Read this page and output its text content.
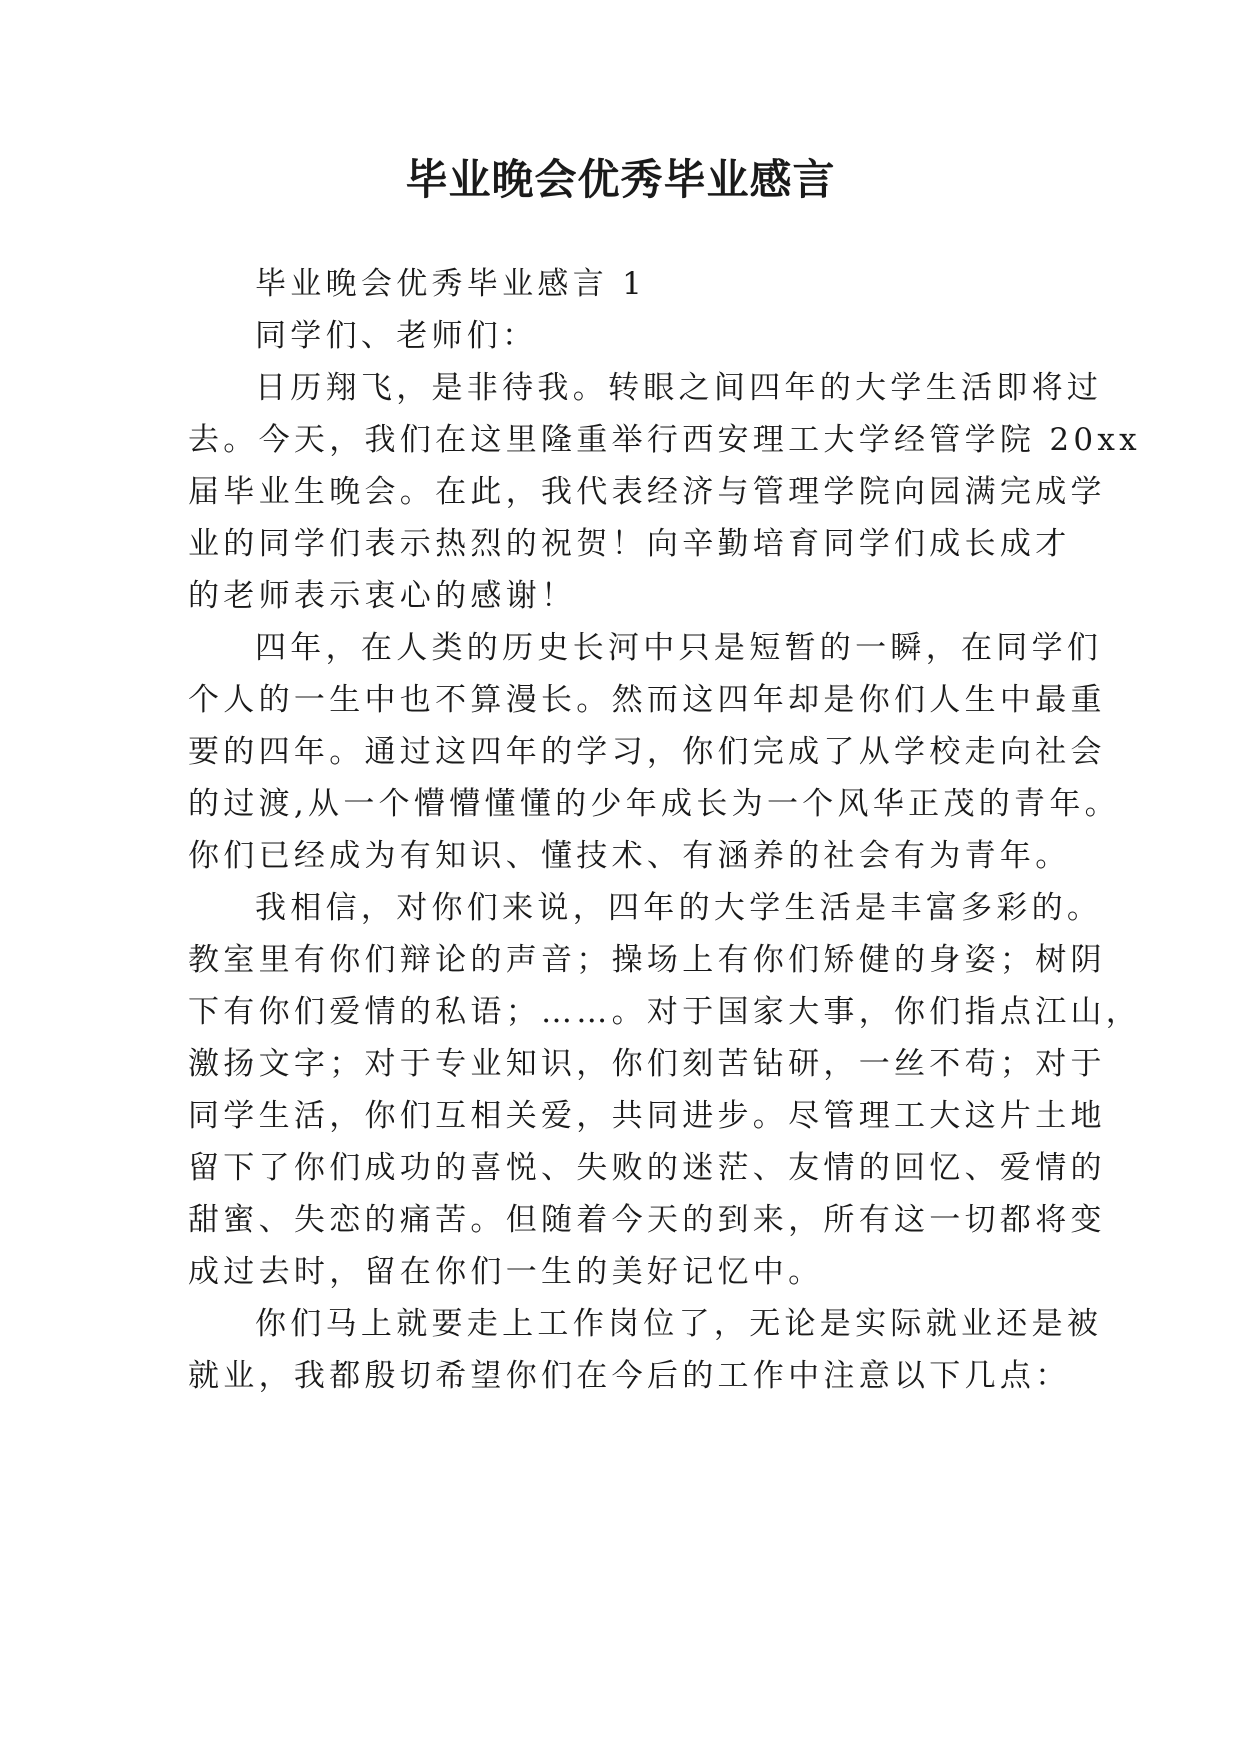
毕业晚会优秀毕业感言

毕业晚会优秀毕业感言 1

同学们、老师们：

日历翔飞，是非待我。转眼之间四年的大学生活即将过

去。今天，我们在这里隆重举行西安理工大学经管学院 20xx

届毕业生晚会。在此，我代表经济与管理学院向园满完成学

业的同学们表示热烈的祝贺！向辛勤培育同学们成长成才

的老师表示衷心的感谢！

四年，在人类的历史长河中只是短暂的一瞬，在同学们

个人的一生中也不算漫长。然而这四年却是你们人生中最重

要的四年。通过这四年的学习，你们完成了从学校走向社会

的过渡,从一个懵懵懂懂的少年成长为一个风华正茂的青年。

你们已经成为有知识、懂技术、有涵养的社会有为青年。

我相信，对你们来说，四年的大学生活是丰富多彩的。

教室里有你们辩论的声音；操场上有你们矫健的身姿；树阴

下有你们爱情的私语；……。对于国家大事，你们指点江山，

激扬文字；对于专业知识，你们刻苦钻研，一丝不苟；对于

同学生活，你们互相关爱，共同进步。尽管理工大这片土地

留下了你们成功的喜悦、失败的迷茫、友情的回忆、爱情的

甜蜜、失恋的痛苦。但随着今天的到来，所有这一切都将变

成过去时，留在你们一生的美好记忆中。

你们马上就要走上工作岗位了，无论是实际就业还是被

就业，我都殷切希望你们在今后的工作中注意以下几点：
